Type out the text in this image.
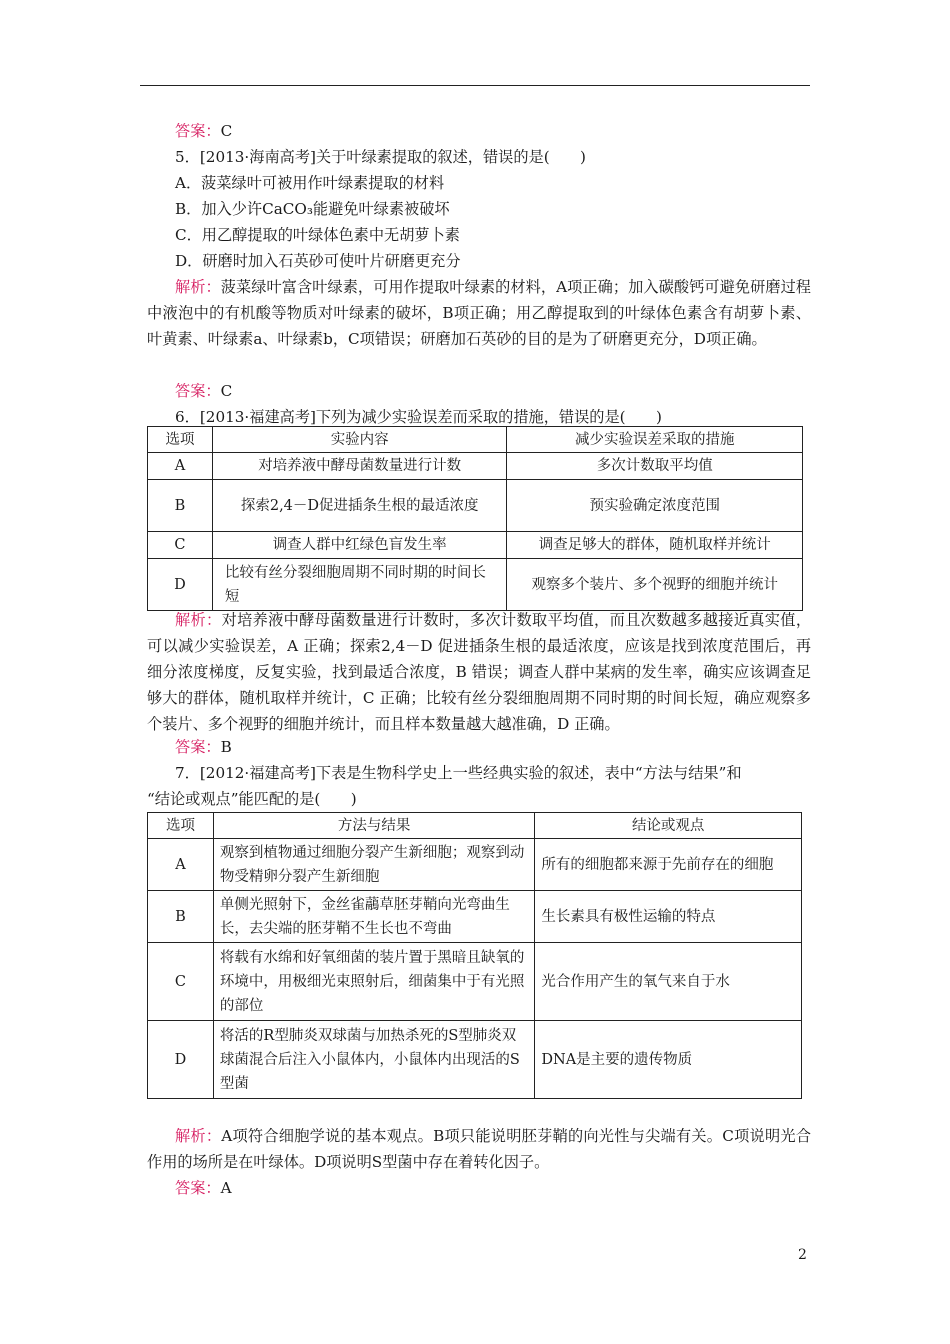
答案：C
5．[2013·海南高考]关于叶绿素提取的叙述，错误的是(　　)
A．菠菜绿叶可被用作叶绿素提取的材料
B．加入少许CaCO₃能避免叶绿素被破坏
C．用乙醇提取的叶绿体色素中无胡萝卜素
D．研磨时加入石英砂可使叶片研磨更充分
解析：菠菜绿叶富含叶绿素，可用作提取叶绿素的材料，A项正确；加入碳酸钙可避免研磨过程中液泡中的有机酸等物质对叶绿素的破坏，B项正确；用乙醇提取到的叶绿体色素含有胡萝卜素、叶黄素、叶绿素a、叶绿素b，C项错误；研磨加石英砂的目的是为了研磨更充分，D项正确。
答案：C
6．[2013·福建高考]下列为减少实验误差而采取的措施，错误的是(　　)
选项	实验内容	减少实验误差采取的措施
A	对培养液中酵母菌数量进行计数	多次计数取平均值
B	探索2,4－D促进插条生根的最适浓度	预实验确定浓度范围
C	调查人群中红绿色盲发生率	调查足够大的群体，随机取样并统计
D	比较有丝分裂细胞周期不同时期的时间长短	观察多个装片、多个视野的细胞并统计
解析：对培养液中酵母菌数量进行计数时，多次计数取平均值，而且次数越多越接近真实值，可以减少实验误差，A 正确；探索2,4－D 促进插条生根的最适浓度，应该是找到浓度范围后，再细分浓度梯度，反复实验，找到最适合浓度，B 错误；调查人群中某病的发生率，确实应该调查足够大的群体，随机取样并统计，C 正确；比较有丝分裂细胞周期不同时期的时间长短，确应观察多个装片、多个视野的细胞并统计，而且样本数量越大越准确，D 正确。
答案：B
7．[2012·福建高考]下表是生物科学史上一些经典实验的叙述，表中“方法与结果”和
“结论或观点”能匹配的是(　　)
选项	方法与结果	结论或观点
A	观察到植物通过细胞分裂产生新细胞；观察到动物受精卵分裂产生新细胞	所有的细胞都来源于先前存在的细胞
B	单侧光照射下，金丝雀虉草胚芽鞘向光弯曲生长，去尖端的胚芽鞘不生长也不弯曲	生长素具有极性运输的特点
C	将载有水绵和好氧细菌的装片置于黑暗且缺氧的环境中，用极细光束照射后，细菌集中于有光照的部位	光合作用产生的氧气来自于水
D	将活的R型肺炎双球菌与加热杀死的S型肺炎双球菌混合后注入小鼠体内，小鼠体内出现活的S型菌	DNA是主要的遗传物质
解析：A项符合细胞学说的基本观点。B项只能说明胚芽鞘的向光性与尖端有关。C项说明光合作用的场所是在叶绿体。D项说明S型菌中存在着转化因子。
答案：A
2
